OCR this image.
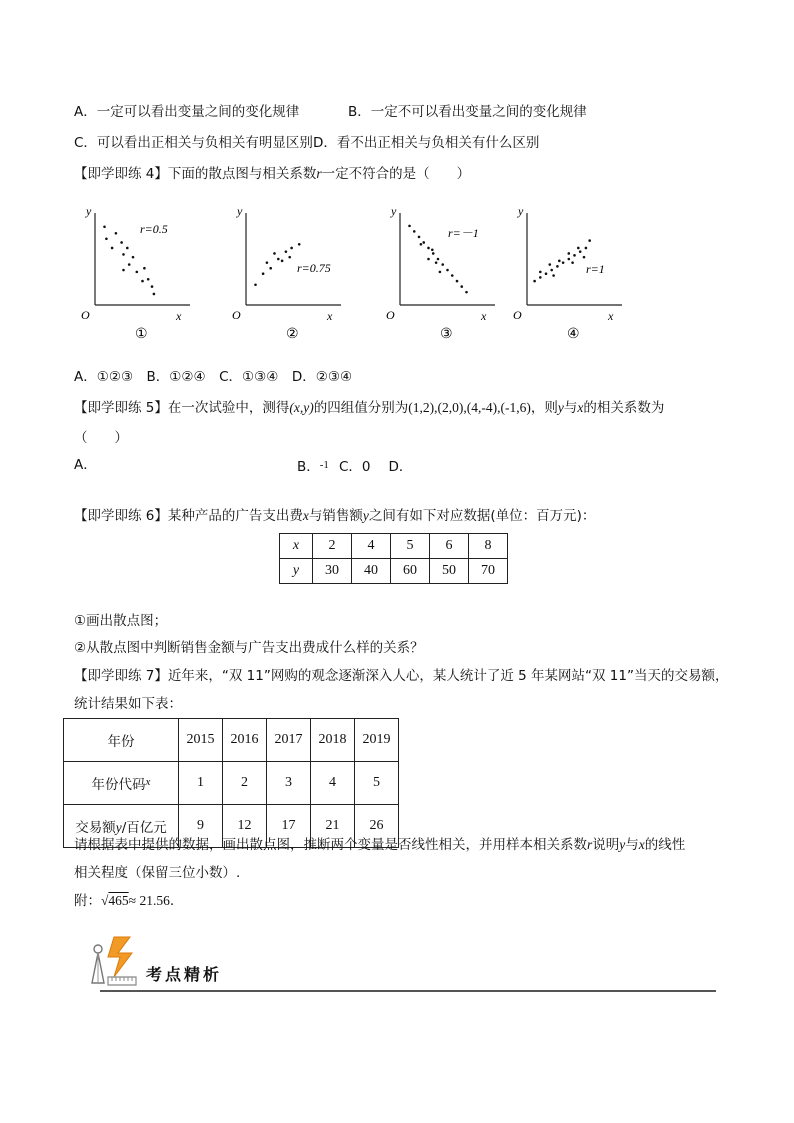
A．一定可以看出变量之间的变化规律	B．一定不可以看出变量之间的变化规律
C．可以看出正相关与负相关有明显区别D．看不出正相关与负相关有什么区别
【即学即练 4】下面的散点图与相关系数r一定不符合的是（　　）
y
x
O
r=0.5
①
y
x
O
r=0.75
②
y
x
O
r=－1
③
y
x
O
r=1
④
A．①②③　B．①②④　C．①③④　D．②③④
【即学即练 5】在一次试验中，测得(x,y)的四组值分别为(1,2),(2,0),(4,-4),(-1,6)，则y与x的相关系数为
（　　）
A．	B．$^{-1}$ C．0 D．
【即学即练 6】某种产品的广告支出费x与销售额y之间有如下对应数据(单位：百万元)：
x	2	4	5	6	8
y	30	40	60	50	70
①画出散点图；
②从散点图中判断销售金额与广告支出费成什么样的关系？
【即学即练 7】近年来，“双 11”网购的观念逐渐深入人心，某人统计了近 5 年某网站“双 11”当天的交易额，
统计结果如下表：
年份	2015	2016	2017	2018	2019
年份代码$^x$	1	2	3	4	5
交易额y/百亿元	9	12	17	21	26
请根据表中提供的数据，画出散点图，推断两个变量是否线性相关，并用样本相关系数r说明y与x的线性
相关程度（保留三位小数）.
附：√465≈ 21.56.
考点精析
